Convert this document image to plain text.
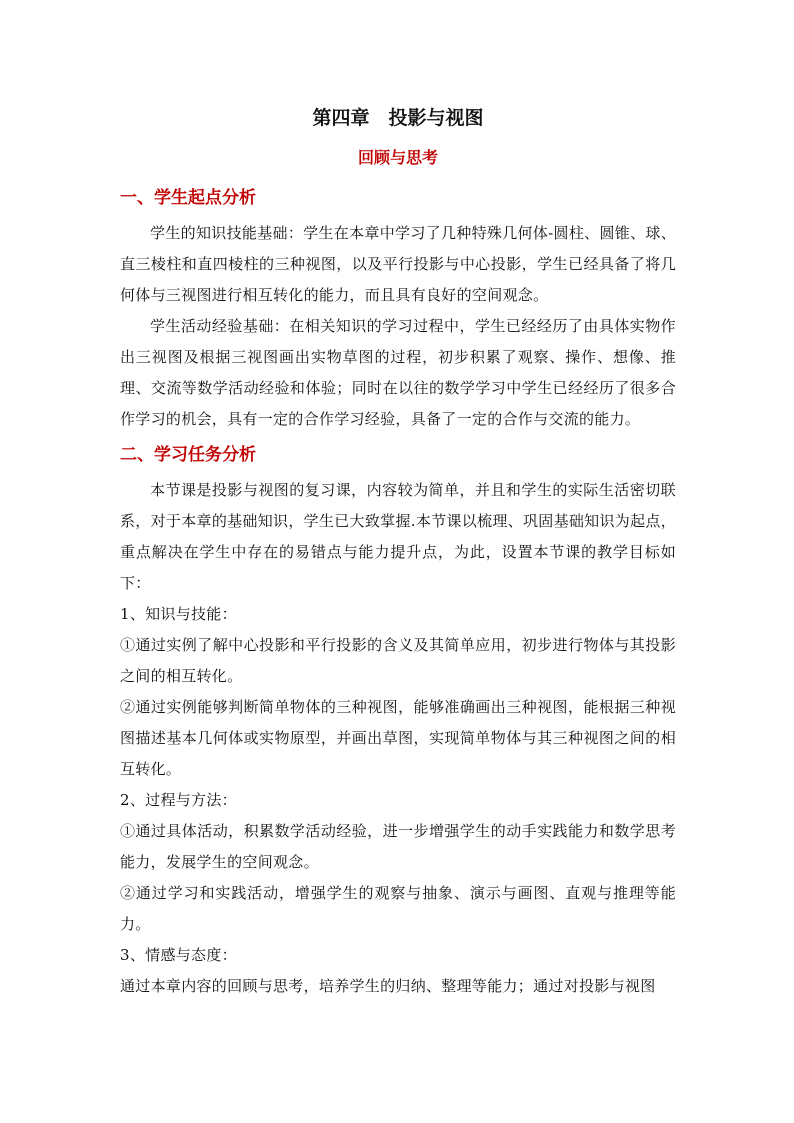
第四章　投影与视图
回顾与思考
一、学生起点分析

学生的知识技能基础：学生在本章中学习了几种特殊几何体-圆柱、圆锥、球、直三棱柱和直四棱柱的三种视图，以及平行投影与中心投影，学生已经具备了将几何体与三视图进行相互转化的能力，而且具有良好的空间观念。

学生活动经验基础：在相关知识的学习过程中，学生已经经历了由具体实物作出三视图及根据三视图画出实物草图的过程，初步积累了观察、操作、想像、推理、交流等数学活动经验和体验；同时在以往的数学学习中学生已经经历了很多合作学习的机会，具有一定的合作学习经验，具备了一定的合作与交流的能力。

二、学习任务分析

本节课是投影与视图的复习课，内容较为简单，并且和学生的实际生活密切联系，对于本章的基础知识，学生已大致掌握.本节课以梳理、巩固基础知识为起点，重点解决在学生中存在的易错点与能力提升点，为此，设置本节课的教学目标如下：

1、知识与技能：

①通过实例了解中心投影和平行投影的含义及其简单应用，初步进行物体与其投影之间的相互转化。

②通过实例能够判断简单物体的三种视图，能够准确画出三种视图，能根据三种视图描述基本几何体或实物原型，并画出草图，实现简单物体与其三种视图之间的相互转化。

2、过程与方法：

①通过具体活动，积累数学活动经验，进一步增强学生的动手实践能力和数学思考能力，发展学生的空间观念。

②通过学习和实践活动，增强学生的观察与抽象、演示与画图、直观与推理等能力。

3、情感与态度：

通过本章内容的回顾与思考，培养学生的归纳、整理等能力；通过对投影与视图
